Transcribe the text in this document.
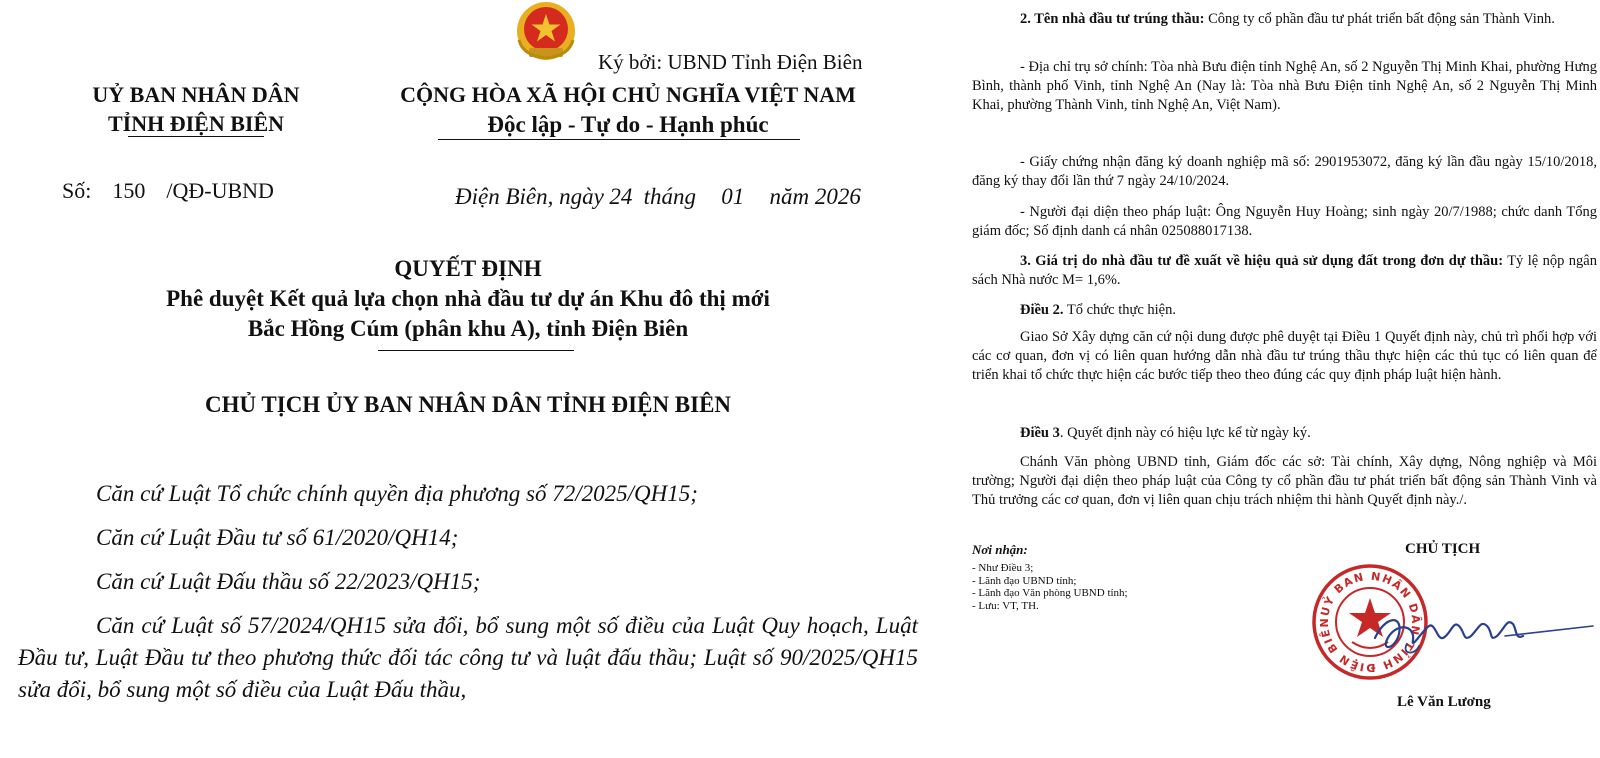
Ký bởi: UBND Tỉnh Điện Biên
UỶ BAN NHÂN DÂN
TỈNH ĐIỆN BIÊN
CỘNG HÒA XÃ HỘI CHỦ NGHĨA VIỆT NAM
Độc lập - Tự do - Hạnh phúc
Số: 150 /QĐ-UBND	Điện Biên, ngày 24 tháng 01 năm 2026
QUYẾT ĐỊNH
Phê duyệt Kết quả lựa chọn nhà đầu tư dự án Khu đô thị mới
Bắc Hồng Cúm (phân khu A), tỉnh Điện Biên
CHỦ TỊCH ỦY BAN NHÂN DÂN TỈNH ĐIỆN BIÊN

Căn cứ Luật Tổ chức chính quyền địa phương số 72/2025/QH15;

Căn cứ Luật Đầu tư số 61/2020/QH14;

Căn cứ Luật Đấu thầu số 22/2023/QH15;

Căn cứ Luật số 57/2024/QH15 sửa đổi, bổ sung một số điều của Luật Quy hoạch, Luật Đầu tư, Luật Đầu tư theo phương thức đối tác công tư và luật đấu thầu; Luật số 90/2025/QH15 sửa đổi, bổ sung một số điều của Luật Đấu thầu,

2. Tên nhà đầu tư trúng thầu: Công ty cổ phần đầu tư phát triển bất động sản Thành Vinh.
- Địa chỉ trụ sở chính: Tòa nhà Bưu điện tỉnh Nghệ An, số 2 Nguyễn Thị Minh Khai, phường Hưng Bình, thành phố Vinh, tỉnh Nghệ An (Nay là: Tòa nhà Bưu Điện tỉnh Nghệ An, số 2 Nguyễn Thị Minh Khai, phường Thành Vinh, tỉnh Nghệ An, Việt Nam).
- Giấy chứng nhận đăng ký doanh nghiệp mã số: 2901953072, đăng ký lần đầu ngày 15/10/2018, đăng ký thay đổi lần thứ 7 ngày 24/10/2024.
- Người đại diện theo pháp luật: Ông Nguyễn Huy Hoàng; sinh ngày 20/7/1988; chức danh Tổng giám đốc; Số định danh cá nhân 025088017138.
3. Giá trị do nhà đầu tư đề xuất về hiệu quả sử dụng đất trong đơn dự thầu: Tỷ lệ nộp ngân sách Nhà nước M= 1,6%.
Điều 2. Tổ chức thực hiện.
Giao Sở Xây dựng căn cứ nội dung được phê duyệt tại Điều 1 Quyết định này, chủ trì phối hợp với các cơ quan, đơn vị có liên quan hướng dẫn nhà đầu tư trúng thầu thực hiện các thủ tục có liên quan để triển khai tổ chức thực hiện các bước tiếp theo theo đúng các quy định pháp luật hiện hành.
Điều 3. Quyết định này có hiệu lực kể từ ngày ký.
Chánh Văn phòng UBND tỉnh, Giám đốc các sở: Tài chính, Xây dựng, Nông nghiệp và Môi trường; Người đại diện theo pháp luật của Công ty cổ phần đầu tư phát triển bất động sản Thành Vinh và Thủ trưởng các cơ quan, đơn vị liên quan chịu trách nhiệm thi hành Quyết định này./.
Nơi nhận:
- Như Điều 3;
- Lãnh đạo UBND tỉnh;
- Lãnh đạo Văn phòng UBND tỉnh;
- Lưu: VT, TH.
CHỦ TỊCH
UỶ BAN NHÂN DÂN TỈNH ĐIỆN BIÊN
Lê Văn Lương
